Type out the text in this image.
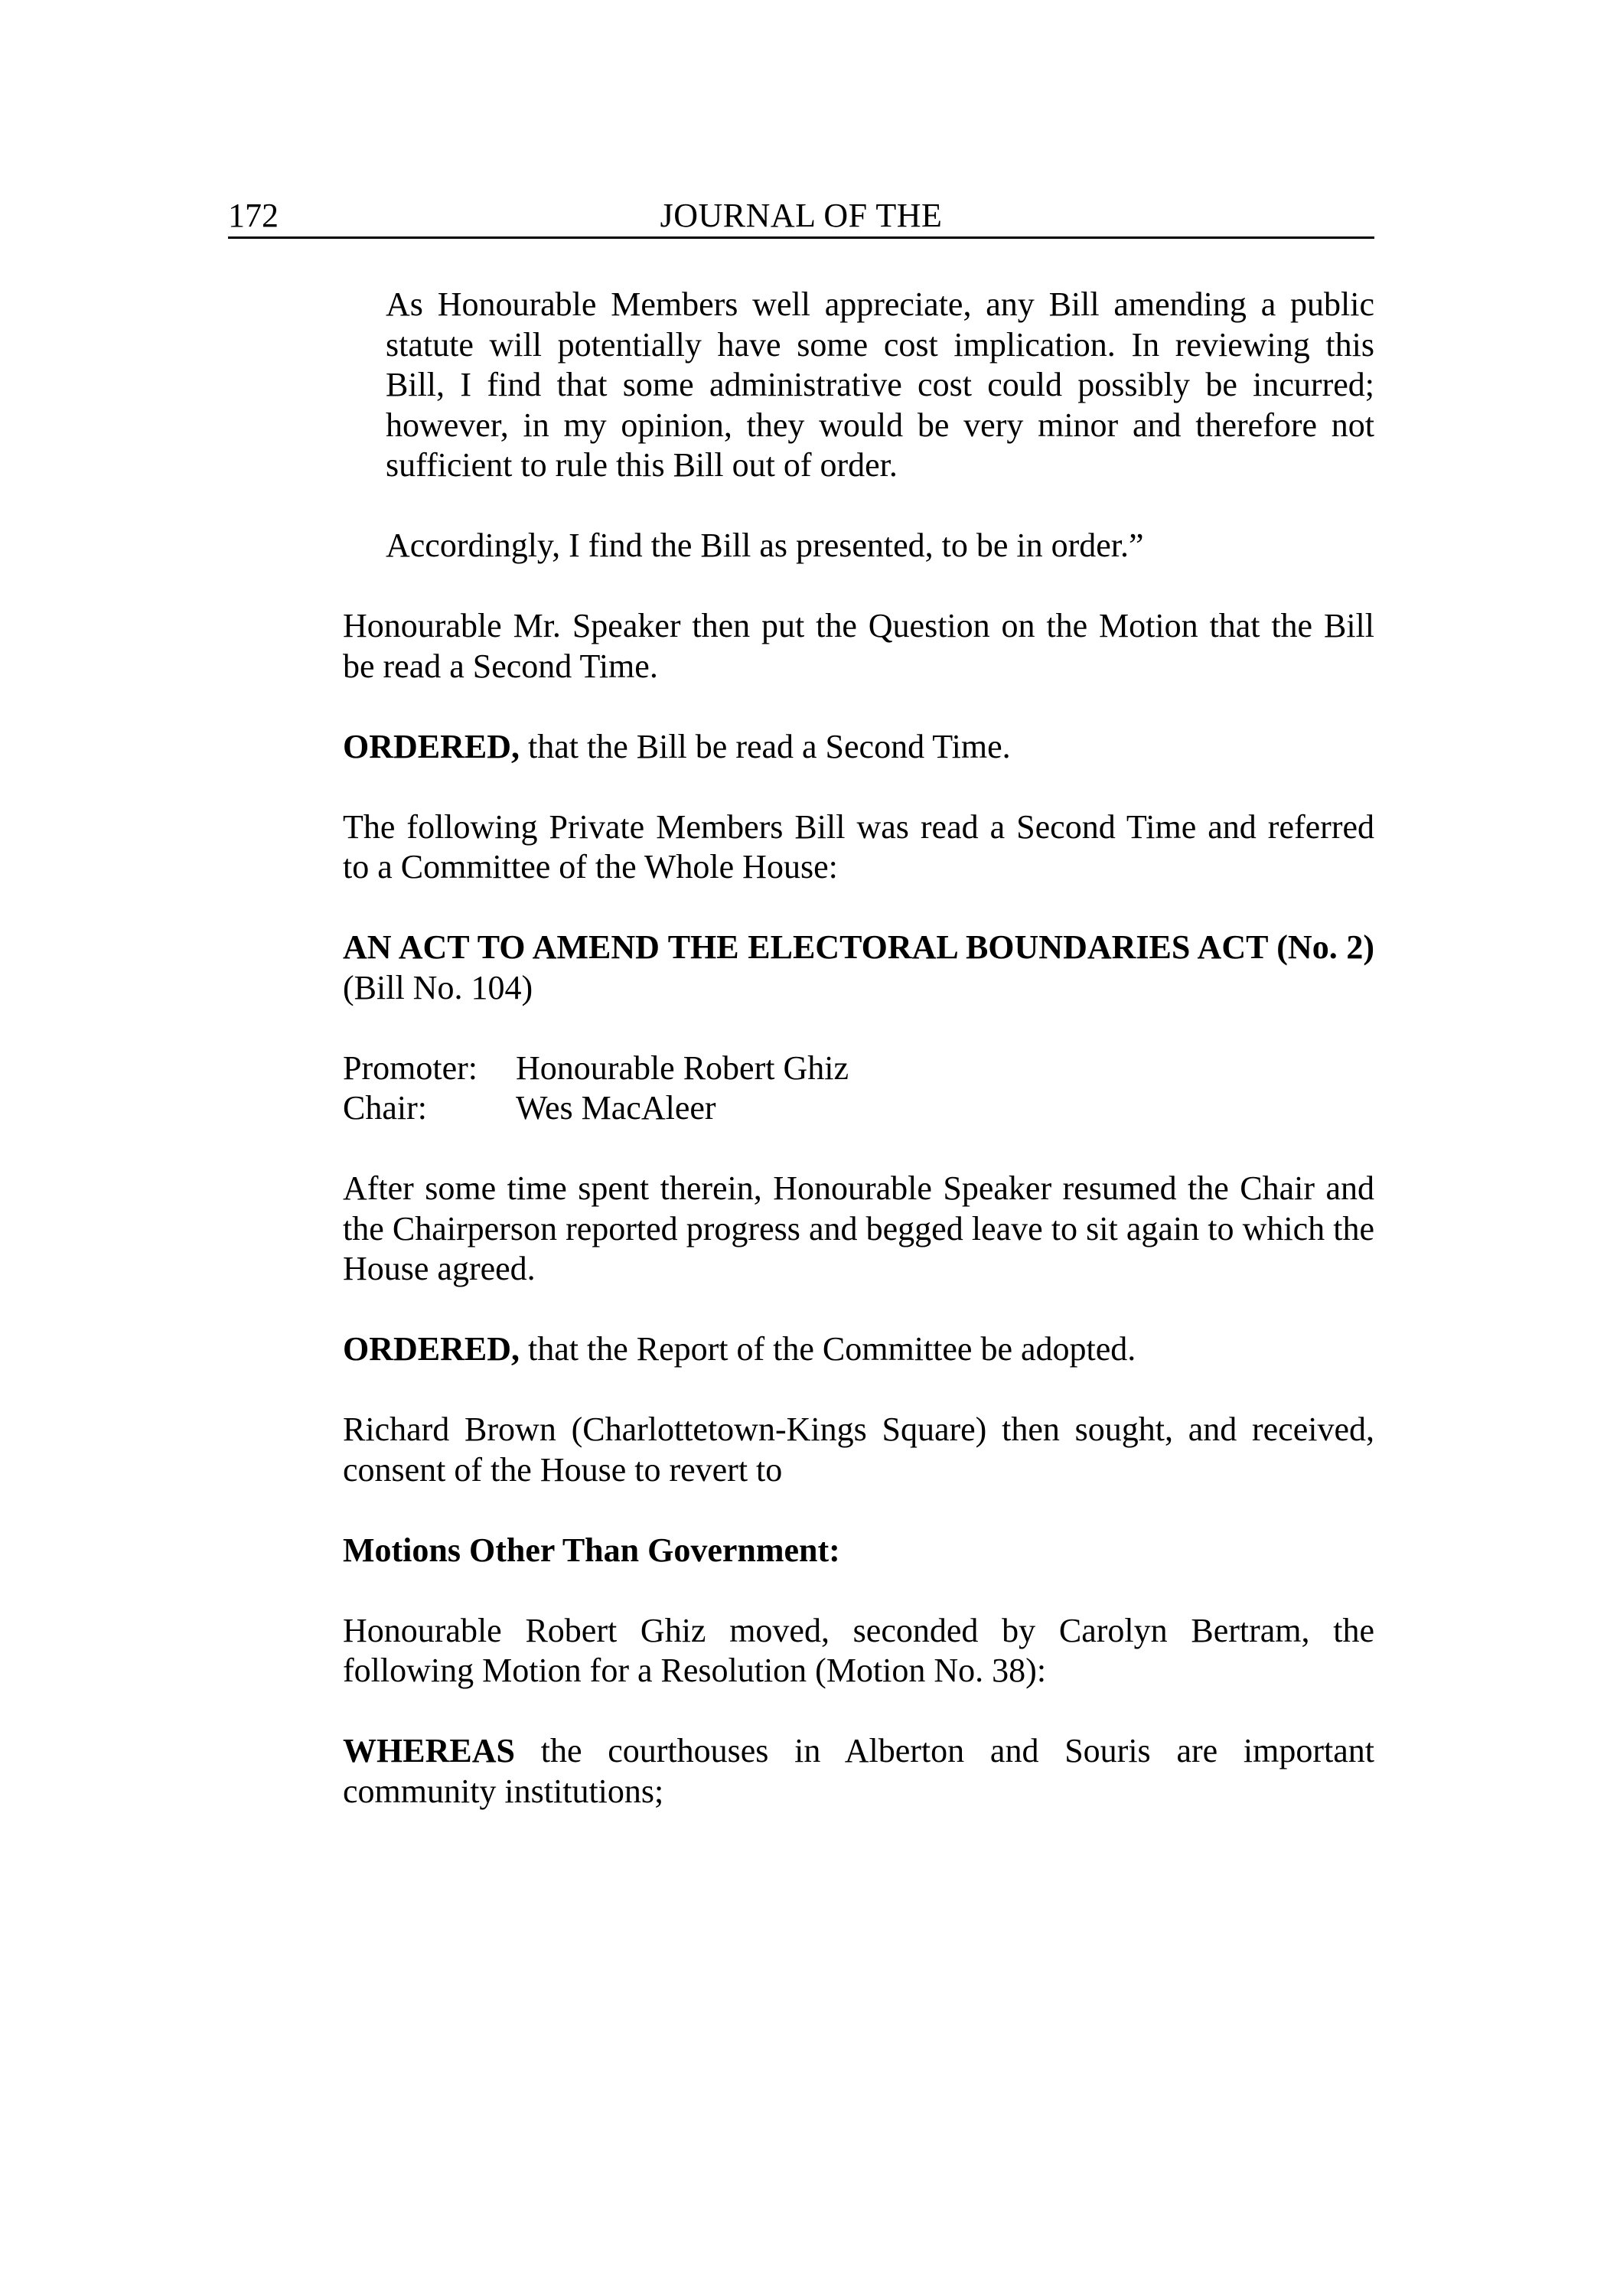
172	JOURNAL OF THE

As Honourable Members well appreciate, any Bill amending a public statute will potentially have some cost implication. In reviewing this Bill, I find that some administrative cost could possibly be incurred; however, in my opinion, they would be very minor and therefore not sufficient to rule this Bill out of order.

Accordingly, I find the Bill as presented, to be in order.”

Honourable Mr. Speaker then put the Question on the Motion that the Bill be read a Second Time.

ORDERED, that the Bill be read a Second Time.

The following Private Members Bill was read a Second Time and referred to a Committee of the Whole House:

AN ACT TO AMEND THE ELECTORAL BOUNDARIES ACT (No. 2) (Bill No. 104)

Promoter:	Honourable Robert Ghiz
Chair:	Wes MacAleer

After some time spent therein, Honourable Speaker resumed the Chair and the Chairperson reported progress and begged leave to sit again to which the House agreed.

ORDERED, that the Report of the Committee be adopted.

Richard Brown (Charlottetown-Kings Square) then sought, and received, consent of the House to revert to

Motions Other Than Government:

Honourable Robert Ghiz moved, seconded by Carolyn Bertram, the following Motion for a Resolution (Motion No. 38):

WHEREAS the courthouses in Alberton and Souris are important community institutions;
